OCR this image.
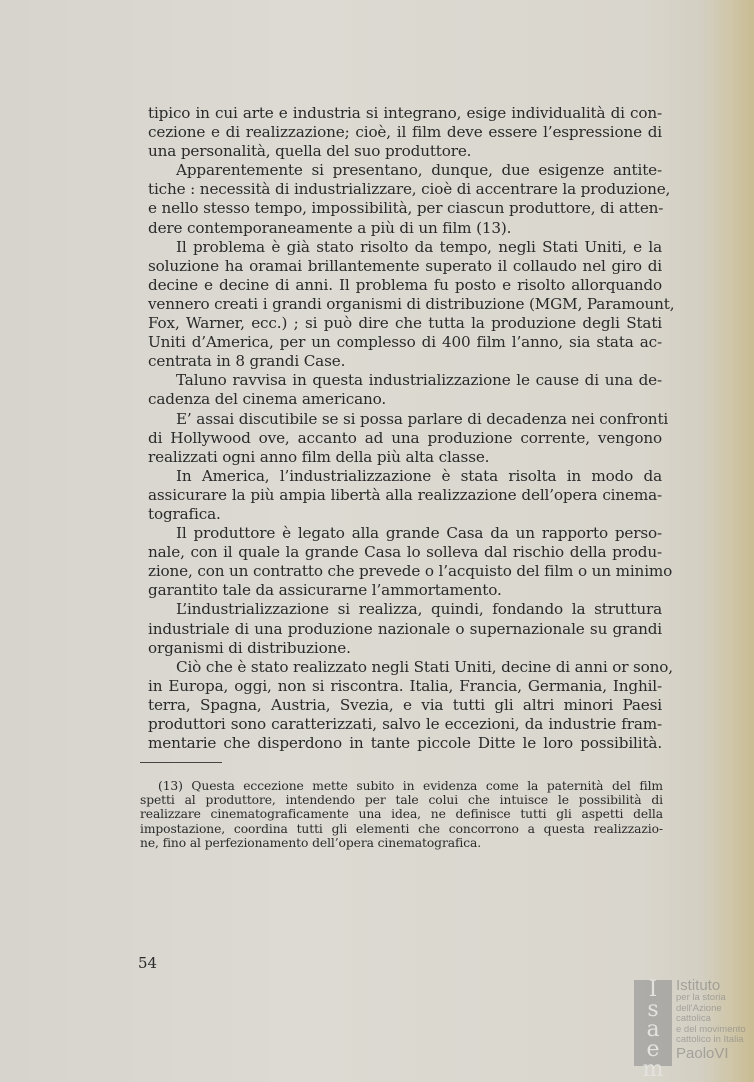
tipico in cui arte e industria si integrano, esige individualità di con-
cezione e di realizzazione; cioè, il film deve essere l’espressione di
una personalità, quella del suo produttore.
Apparentemente si presentano, dunque, due esigenze antite-
tiche : necessità di industrializzare, cioè di accentrare la produzione,
e nello stesso tempo, impossibilità, per ciascun produttore, di atten-
dere contemporaneamente a più di un film (13).
Il problema è già stato risolto da tempo, negli Stati Uniti, e la
soluzione ha oramai brillantemente superato il collaudo nel giro di
decine e decine di anni. Il problema fu posto e risolto allorquando
vennero creati i grandi organismi di distribuzione (MGM, Paramount,
Fox, Warner, ecc.) ; si può dire che tutta la produzione degli Stati
Uniti d’America, per un complesso di 400 film l’anno, sia stata ac-
centrata in 8 grandi Case.
Taluno ravvisa in questa industrializzazione le cause di una de-
cadenza del cinema americano.
E’ assai discutibile se si possa parlare di decadenza nei confronti
di Hollywood ove, accanto ad una produzione corrente, vengono
realizzati ogni anno film della più alta classe.
In America, l’industrializzazione è stata risolta in modo da
assicurare la più ampia libertà alla realizzazione dell’opera cinema-
tografica.
Il produttore è legato alla grande Casa da un rapporto perso-
nale, con il quale la grande Casa lo solleva dal rischio della produ-
zione, con un contratto che prevede o l’acquisto del film o un minimo
garantito tale da assicurarne l’ammortamento.
L’industrializzazione si realizza, quindi, fondando la struttura
industriale di una produzione nazionale o supernazionale su grandi
organismi di distribuzione.
Ciò che è stato realizzato negli Stati Uniti, decine di anni or sono,
in Europa, oggi, non si riscontra. Italia, Francia, Germania, Inghil-
terra, Spagna, Austria, Svezia, e via tutti gli altri minori Paesi
produttori sono caratterizzati, salvo le eccezioni, da industrie fram-
mentarie che disperdono in tante piccole Ditte le loro possibilità.
(13) Questa eccezione mette subito in evidenza come la paternità del film
spetti al produttore, intendendo per tale colui che intuisce le possibilità di
realizzare cinematograficamente una idea, ne definisce tutti gli aspetti della
impostazione, coordina tutti gli elementi che concorrono a questa realizzazio-
ne, fino al perfezionamento dell’opera cinematografica.
54
I
s
a
e
m
Istituto
per la storia
dell'Azione cattolica
e del movimento
cattolico in Italia
PaoloVI
